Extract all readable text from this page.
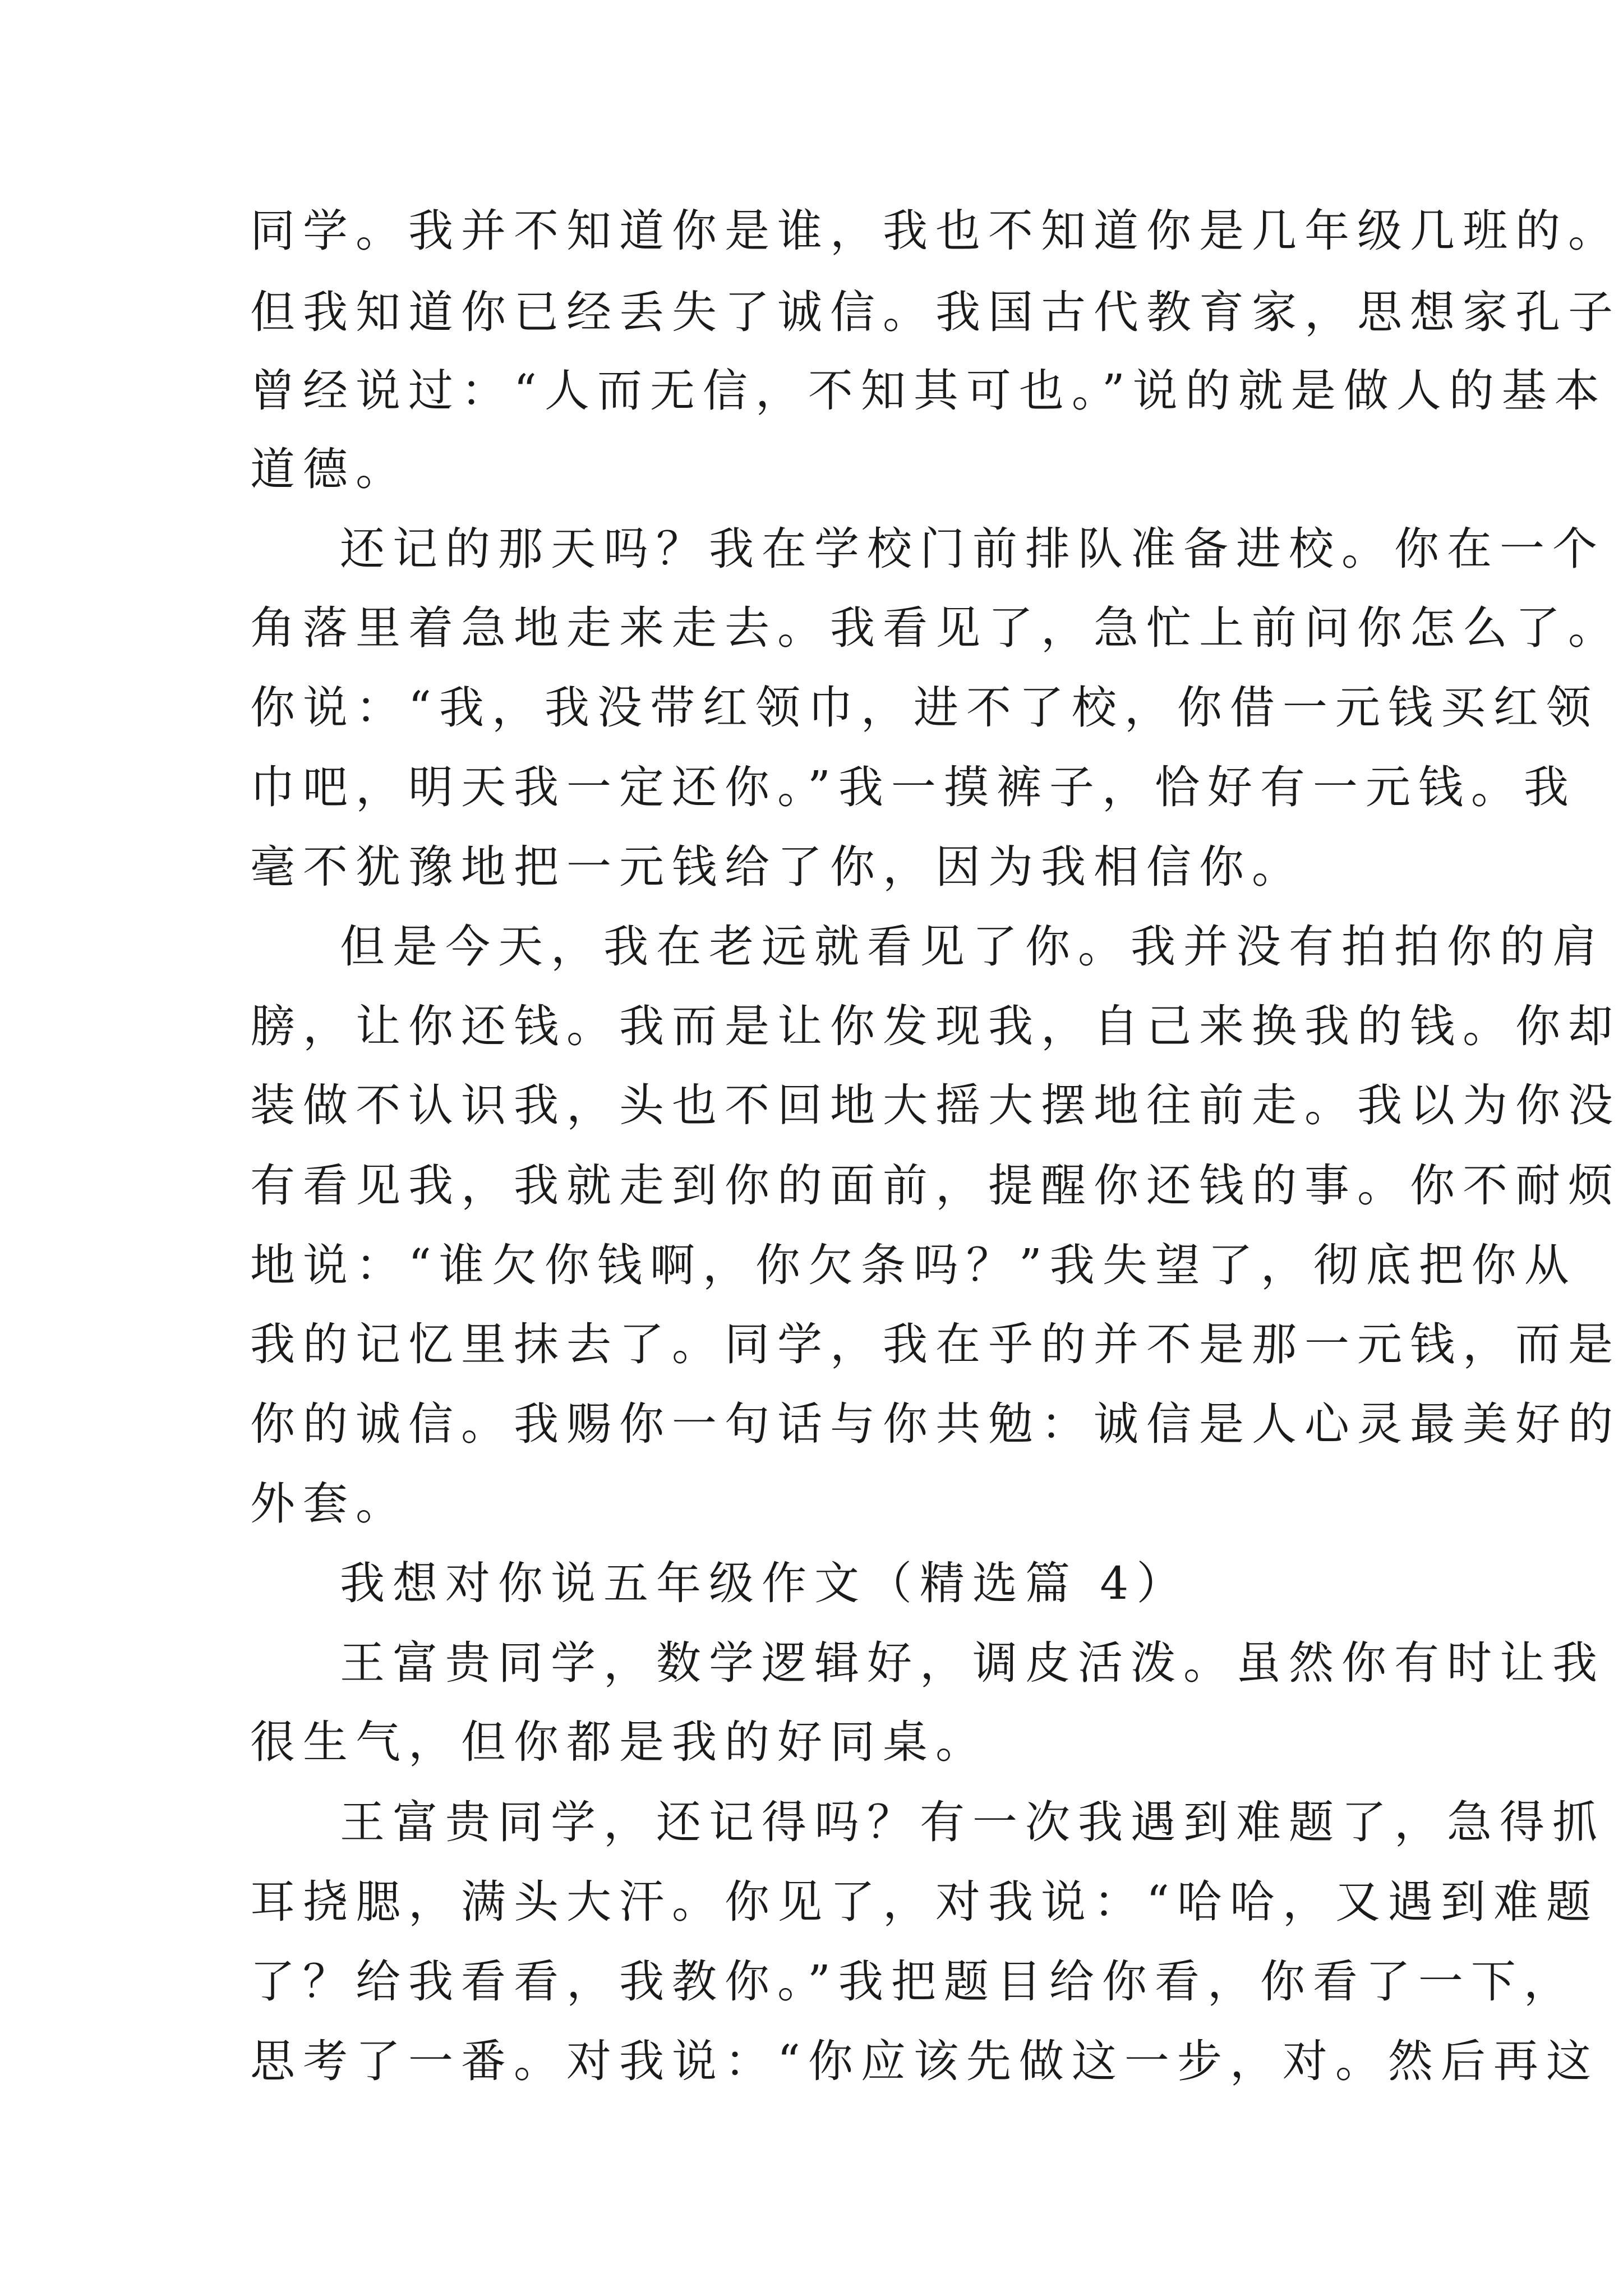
同学。我并不知道你是谁，我也不知道你是几年级几班的。
但我知道你已经丢失了诚信。我国古代教育家，思想家孔子
曾经说过：“人而无信，不知其可也。”说的就是做人的基本
道德。
还记的那天吗？我在学校门前排队准备进校。你在一个
角落里着急地走来走去。我看见了，急忙上前问你怎么了。
你说：“我，我没带红领巾，进不了校，你借一元钱买红领
巾吧，明天我一定还你。”我一摸裤子，恰好有一元钱。我
毫不犹豫地把一元钱给了你，因为我相信你。
但是今天，我在老远就看见了你。我并没有拍拍你的肩
膀，让你还钱。我而是让你发现我，自己来换我的钱。你却
装做不认识我，头也不回地大摇大摆地往前走。我以为你没
有看见我，我就走到你的面前，提醒你还钱的事。你不耐烦
地说：“谁欠你钱啊，你欠条吗？”我失望了，彻底把你从
我的记忆里抹去了。同学，我在乎的并不是那一元钱，而是
你的诚信。我赐你一句话与你共勉：诚信是人心灵最美好的
外套。
我想对你说五年级作文（精选篇 4）
王富贵同学，数学逻辑好，调皮活泼。虽然你有时让我
很生气，但你都是我的好同桌。
王富贵同学，还记得吗？有一次我遇到难题了，急得抓
耳挠腮，满头大汗。你见了，对我说：“哈哈，又遇到难题
了？给我看看，我教你。”我把题目给你看，你看了一下，
思考了一番。对我说：“你应该先做这一步，对。然后再这
